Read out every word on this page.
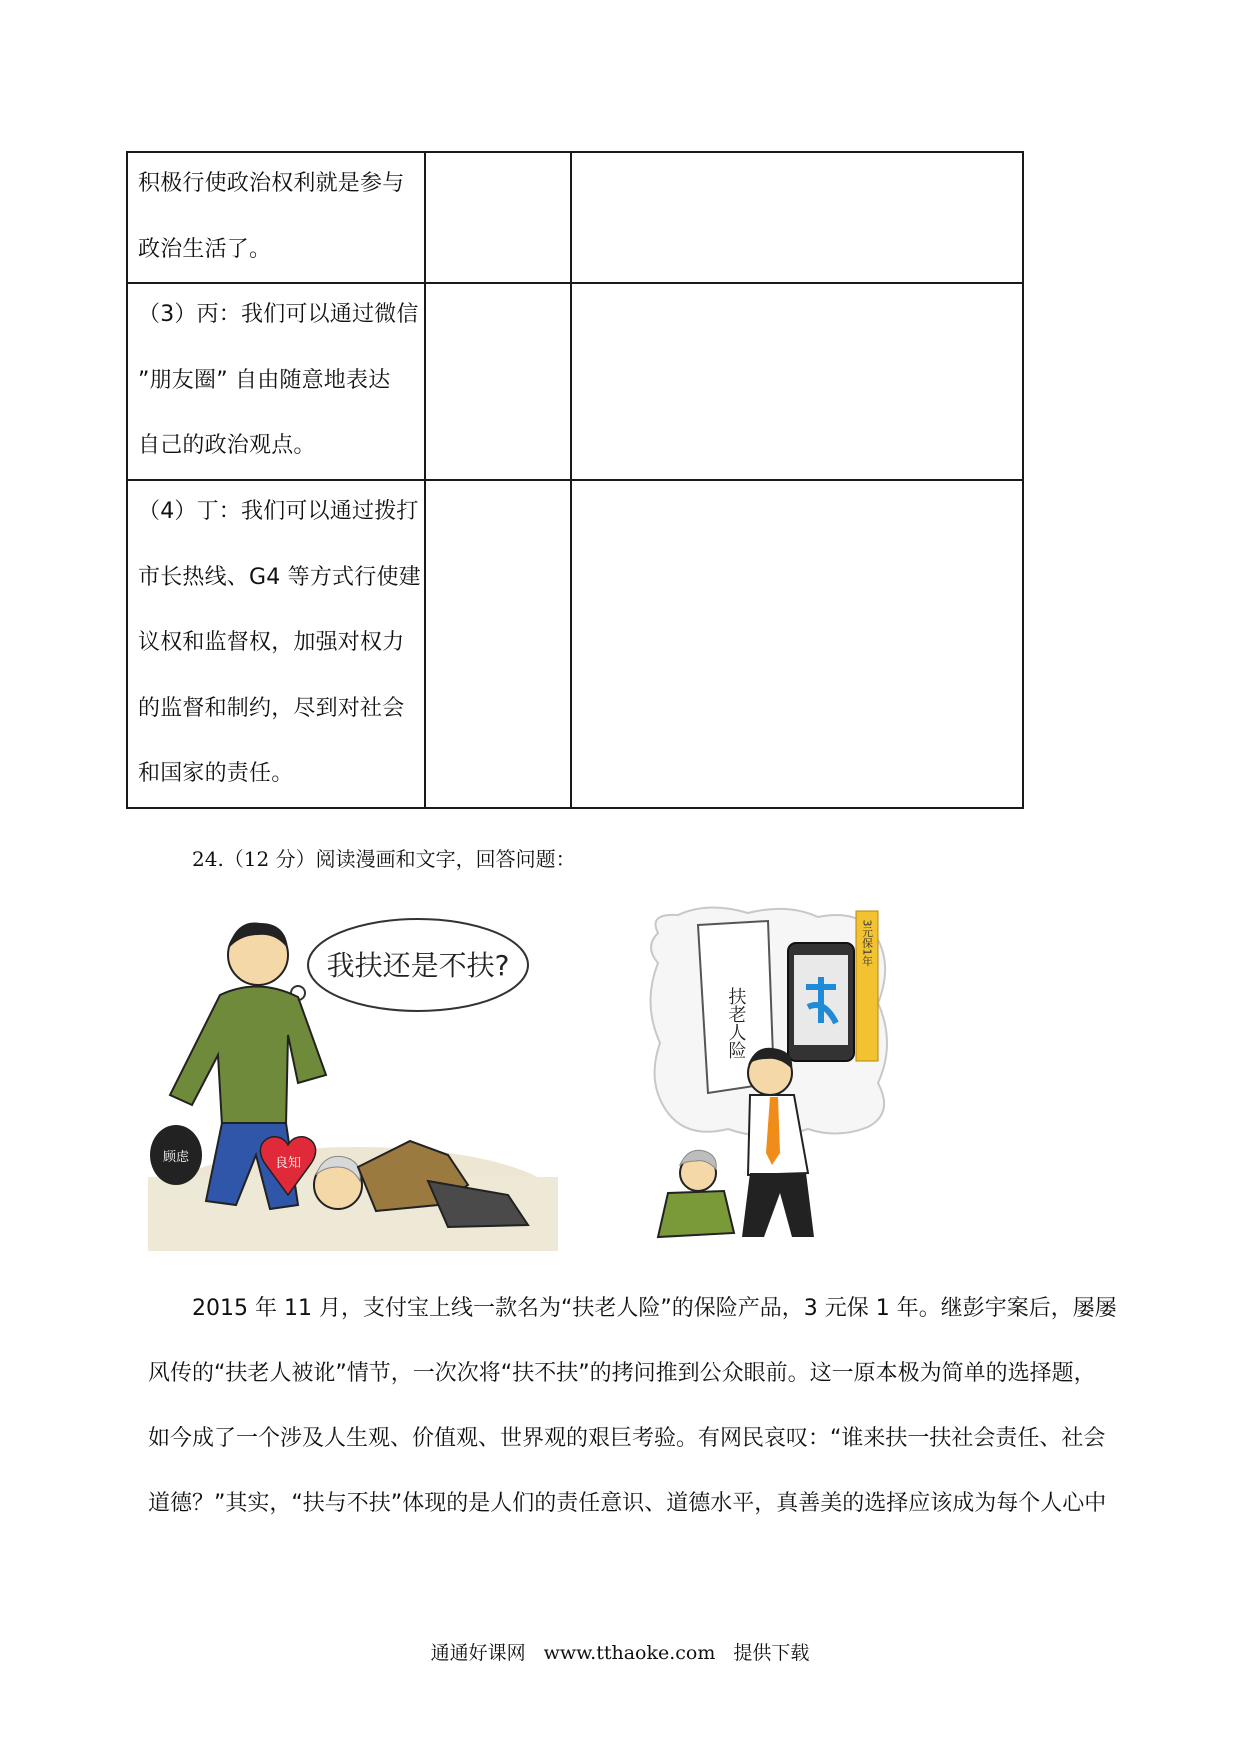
积极行使政治权利就是参与
政治生活了。		

（3）丙：我们可以通过微信
”朋友圈” 自由随意地表达
自己的政治观点。		

（4）丁：我们可以通过拨打
市长热线、G4 等方式行使建
议权和监督权，加强对权力
的监督和制约，尽到对社会
和国家的责任。		

24.（12 分）阅读漫画和文字，回答问题：
我扶还是不扶?
顾虑	良知
扶老人险
3元保1年
2015 年 11 月，支付宝上线一款名为“扶老人险”的保险产品，3 元保 1 年。继彭宇案后，屡屡
风传的“扶老人被讹”情节，一次次将“扶不扶”的拷问推到公众眼前。这一原本极为简单的选择题，
如今成了一个涉及人生观、价值观、世界观的艰巨考验。有网民哀叹：“谁来扶一扶社会责任、社会
道德？”其实，“扶与不扶”体现的是人们的责任意识、道德水平，真善美的选择应该成为每个人心中
通通好课网 www.tthaoke.com 提供下载
